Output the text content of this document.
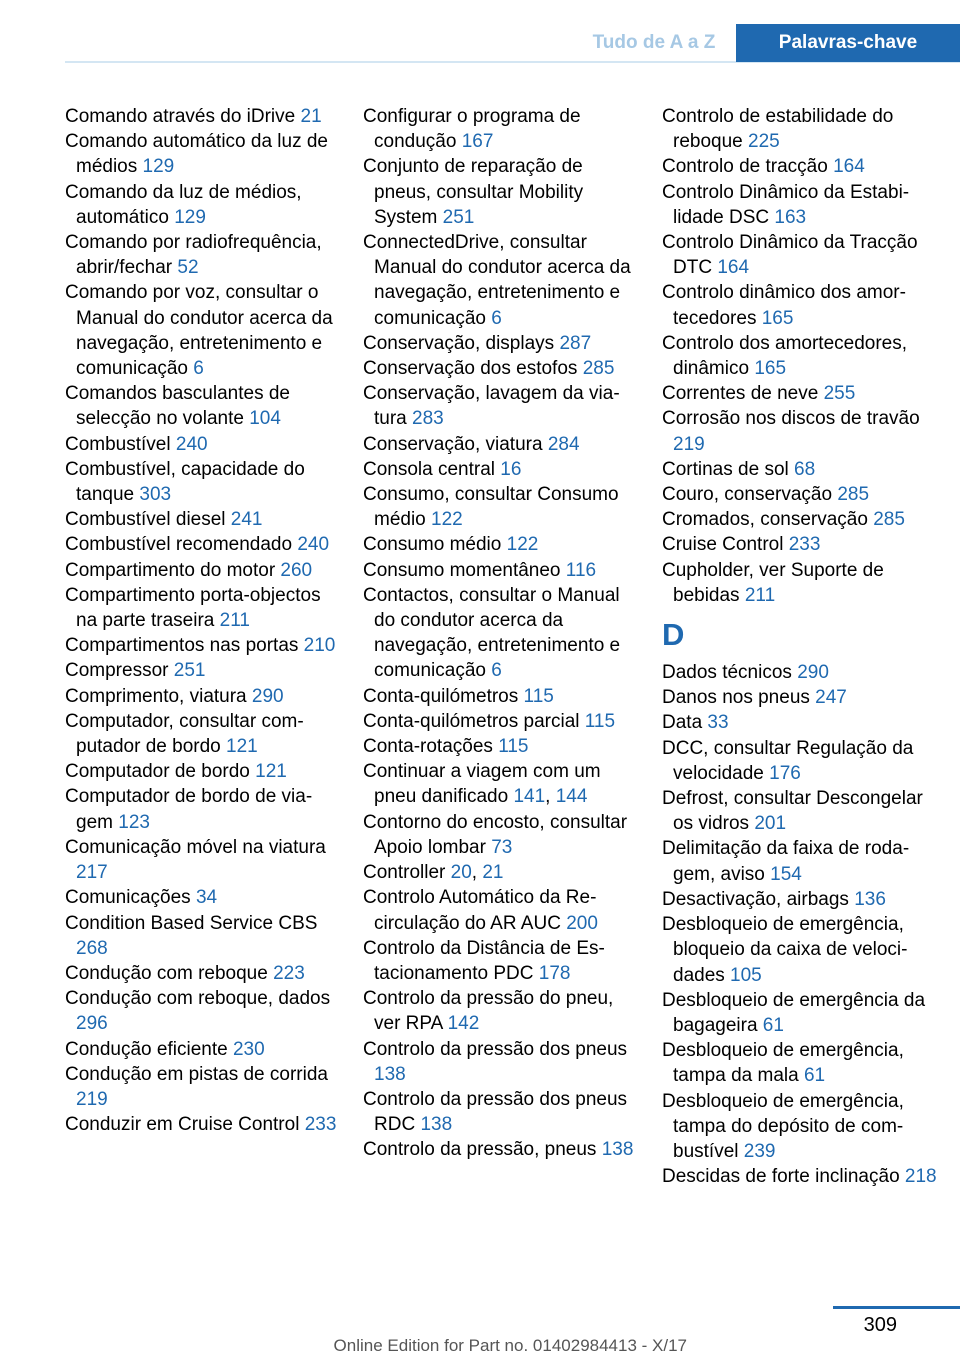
Tudo de A a Z	Palavras-chave
Comando através do iDrive 21
Comando automático da luz de médios 129
Comando da luz de médios, automático 129
Comando por radiofrequência, abrir/fechar 52
Comando por voz, consultar o Manual do condutor acerca da navegação, entretenimento e comunicação 6
Comandos basculantes de selecção no volante 104
Combustível 240
Combustível, capacidade do tanque 303
Combustível diesel 241
Combustível recomendado 240
Compartimento do motor 260
Compartimento porta-objectos na parte traseira 211
Compartimentos nas portas 210
Compressor 251
Comprimento, viatura 290
Computador, consultar computador de bordo 121
Computador de bordo 121
Computador de bordo de viagem 123
Comunicação móvel na viatura 217
Comunicações 34
Condition Based Service CBS 268
Condução com reboque 223
Condução com reboque, dados 296
Condução eficiente 230
Condução em pistas de corrida 219
Conduzir em Cruise Control 233
Configurar o programa de condução 167
Conjunto de reparação de pneus, consultar Mobility System 251
ConnectedDrive, consultar Manual do condutor acerca da navegação, entretenimento e comunicação 6
Conservação, displays 287
Conservação dos estofos 285
Conservação, lavagem da viatura 283
Conservação, viatura 284
Consola central 16
Consumo, consultar Consumo médio 122
Consumo médio 122
Consumo momentâneo 116
Contactos, consultar o Manual do condutor acerca da navegação, entretenimento e comunicação 6
Conta-quilómetros 115
Conta-quilómetros parcial 115
Conta-rotações 115
Continuar a viagem com um pneu danificado 141, 144
Contorno do encosto, consultar Apoio lombar 73
Controller 20, 21
Controlo Automático da Recirculação do AR AUC 200
Controlo da Distância de Estacionamento PDC 178
Controlo da pressão do pneu, ver RPA 142
Controlo da pressão dos pneus 138
Controlo da pressão dos pneus RDC 138
Controlo da pressão, pneus 138
Controlo de estabilidade do reboque 225
Controlo de tracção 164
Controlo Dinâmico da Estabilidade DSC 163
Controlo Dinâmico da Tracção DTC 164
Controlo dinâmico dos amortecedores 165
Controlo dos amortecedores, dinâmico 165
Correntes de neve 255
Corrosão nos discos de travão 219
Cortinas de sol 68
Couro, conservação 285
Cromados, conservação 285
Cruise Control 233
Cupholder, ver Suporte de bebidas 211
D
Dados técnicos 290
Danos nos pneus 247
Data 33
DCC, consultar Regulação da velocidade 176
Defrost, consultar Descongelar os vidros 201
Delimitação da faixa de rodagem, aviso 154
Desactivação, airbags 136
Desbloqueio de emergência, bloqueio da caixa de velocidades 105
Desbloqueio de emergência da bagageira 61
Desbloqueio de emergência, tampa da mala 61
Desbloqueio de emergência, tampa do depósito de combustível 239
Descidas de forte inclinação 218
309
Online Edition for Part no. 01402984413 - X/17
